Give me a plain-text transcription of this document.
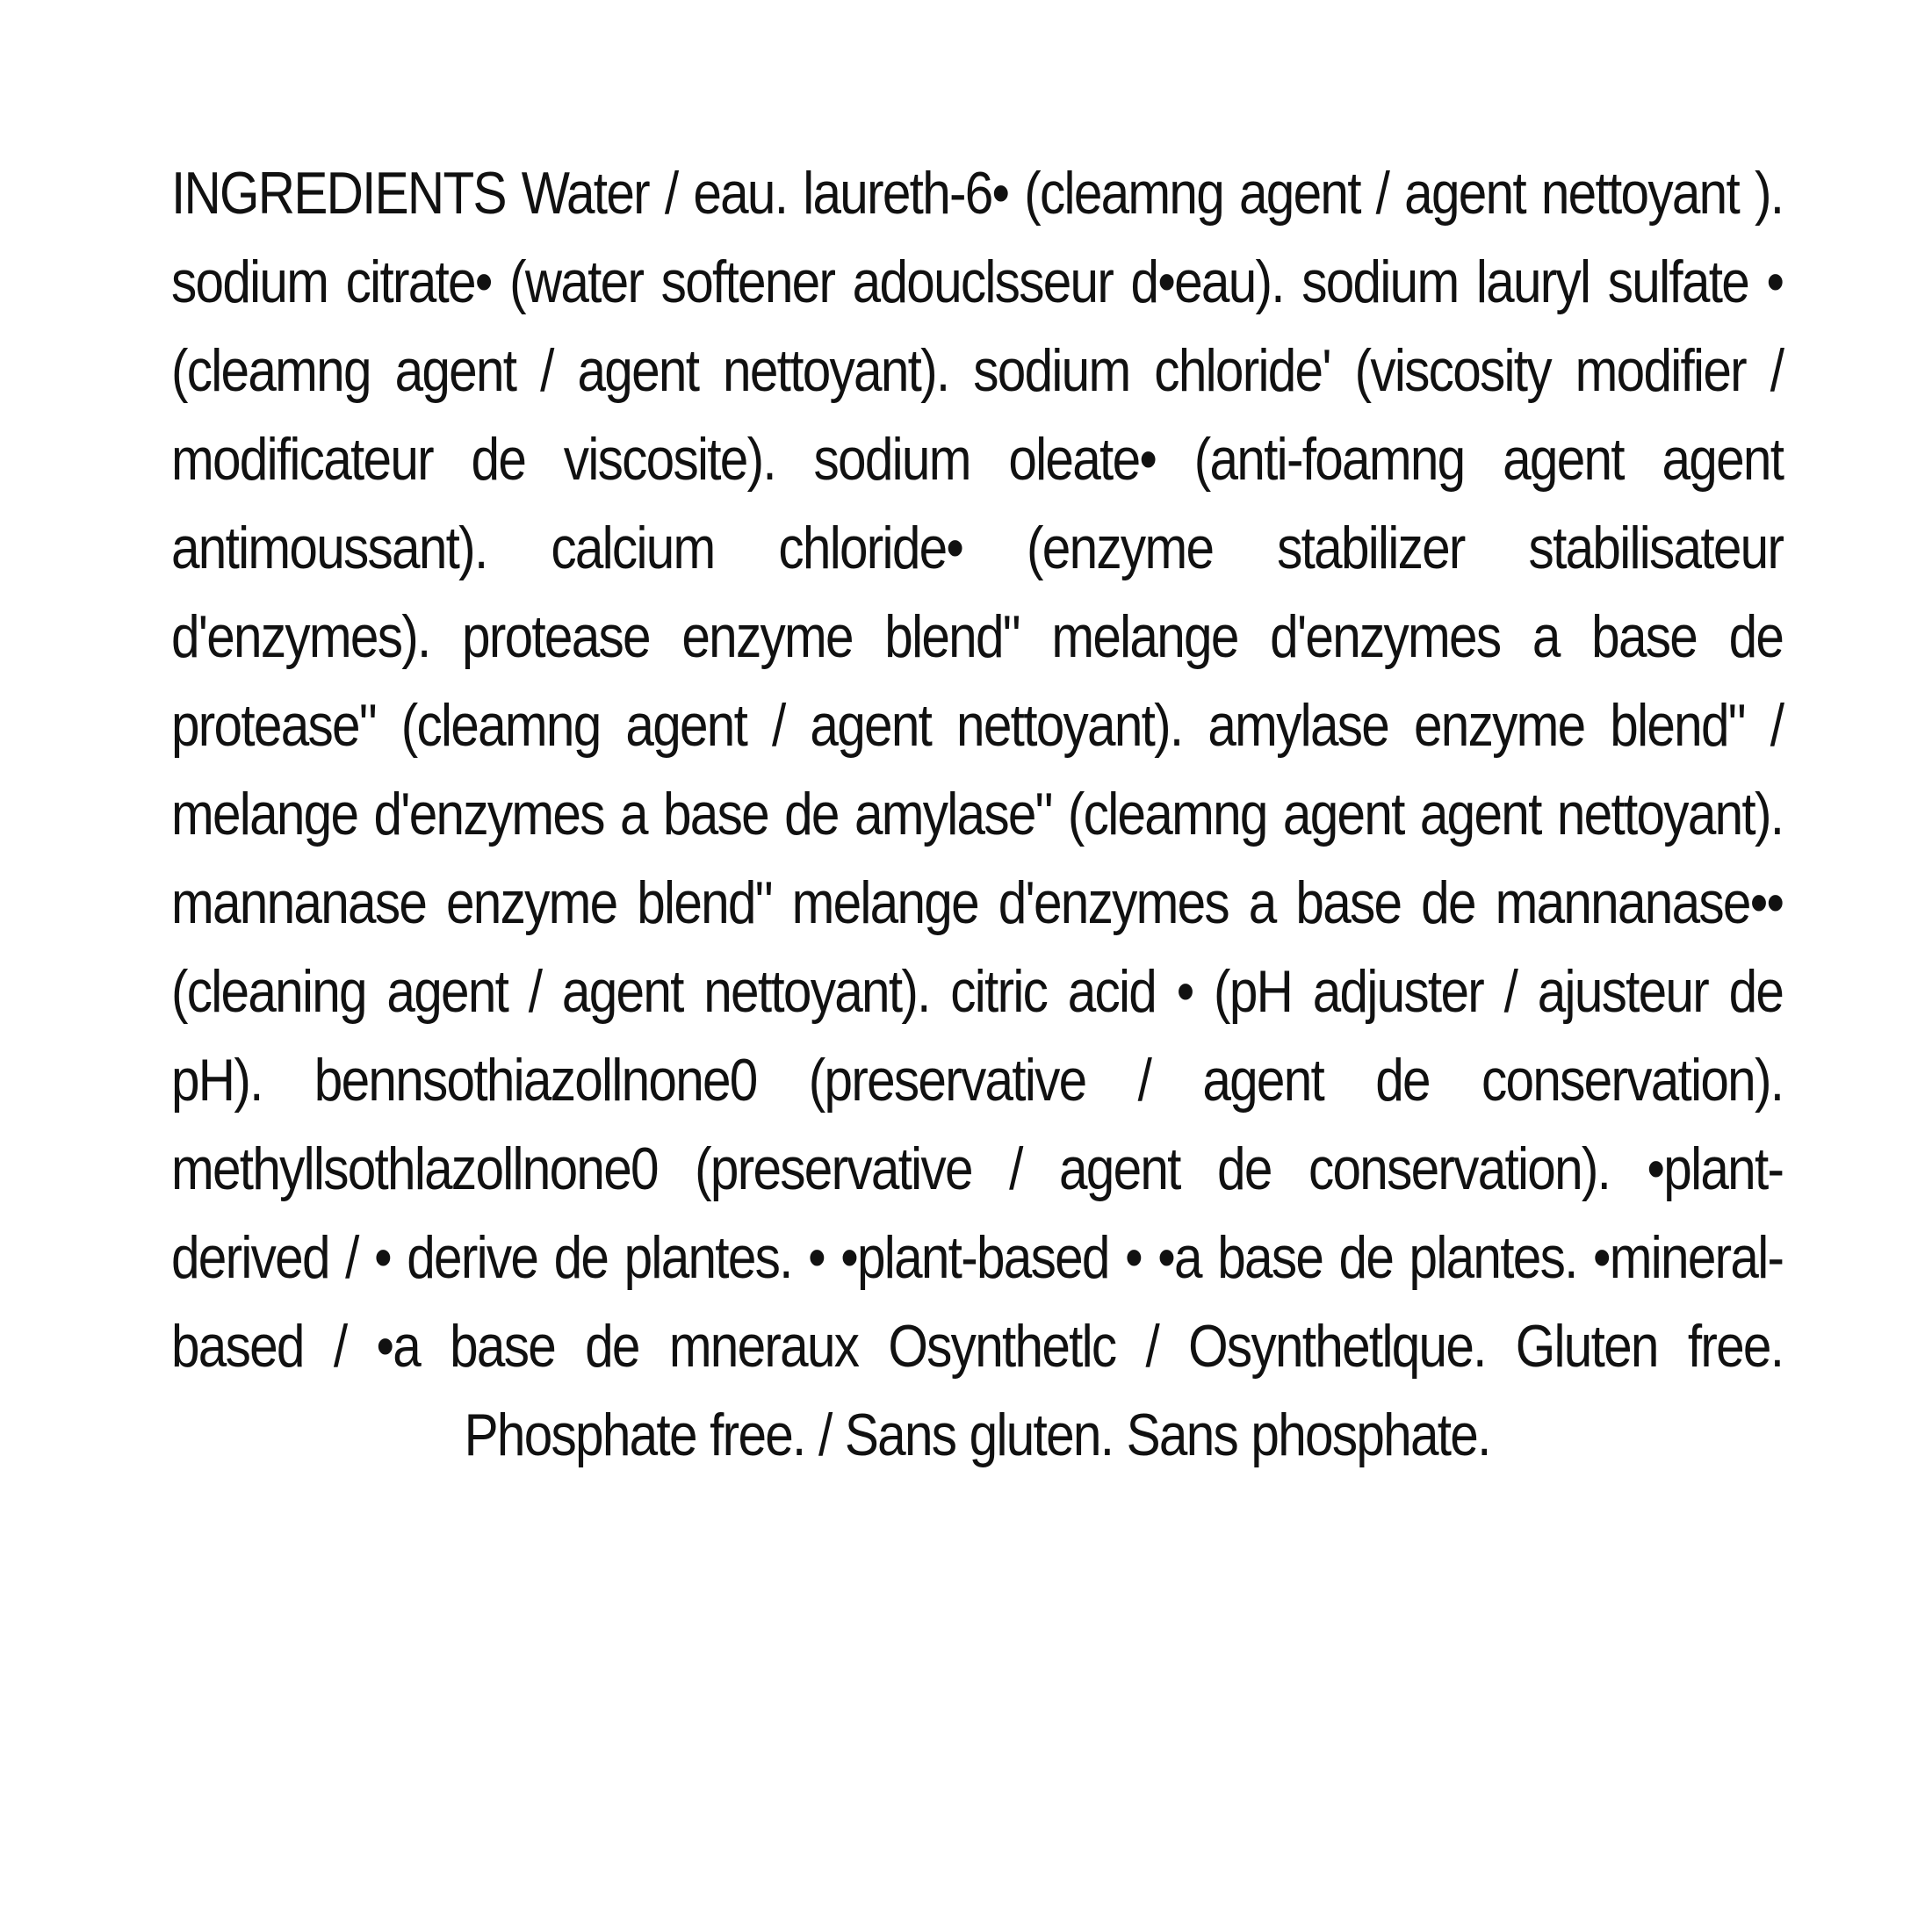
INGREDIENTS Water / eau. laureth-6• (cleamng agent / agent nettoyant ). sodium citrate• (water softener adouclsseur d•eau). sodium lauryl sulfate • (cleamng agent / agent nettoyant). sodium chloride' (viscosity modifier / modificateur de viscosite). sodium oleate• (anti-foamng agent agent antimoussant). calcium chloride• (enzyme stabilizer stabilisateur d'enzymes). protease enzyme blend" melange d'enzymes a base de protease" (cleamng agent / agent nettoyant). amylase enzyme blend" / melange d'enzymes a base de amylase" (cleamng agent agent nettoyant). mannanase enzyme blend" melange d'enzymes a base de mannanase•• (cleaning agent / agent nettoyant). citric acid • (pH adjuster / ajusteur de pH). bennsothiazollnone0 (preservative / agent de conservation). methyllsothlazollnone0 (preservative / agent de conservation). •plant-derived / • derive de plantes. • •plant-based • •a base de plantes. •mineral-based / •a base de mneraux Osynthetlc / Osynthetlque. Gluten free. Phosphate free. / Sans gluten. Sans phosphate.
